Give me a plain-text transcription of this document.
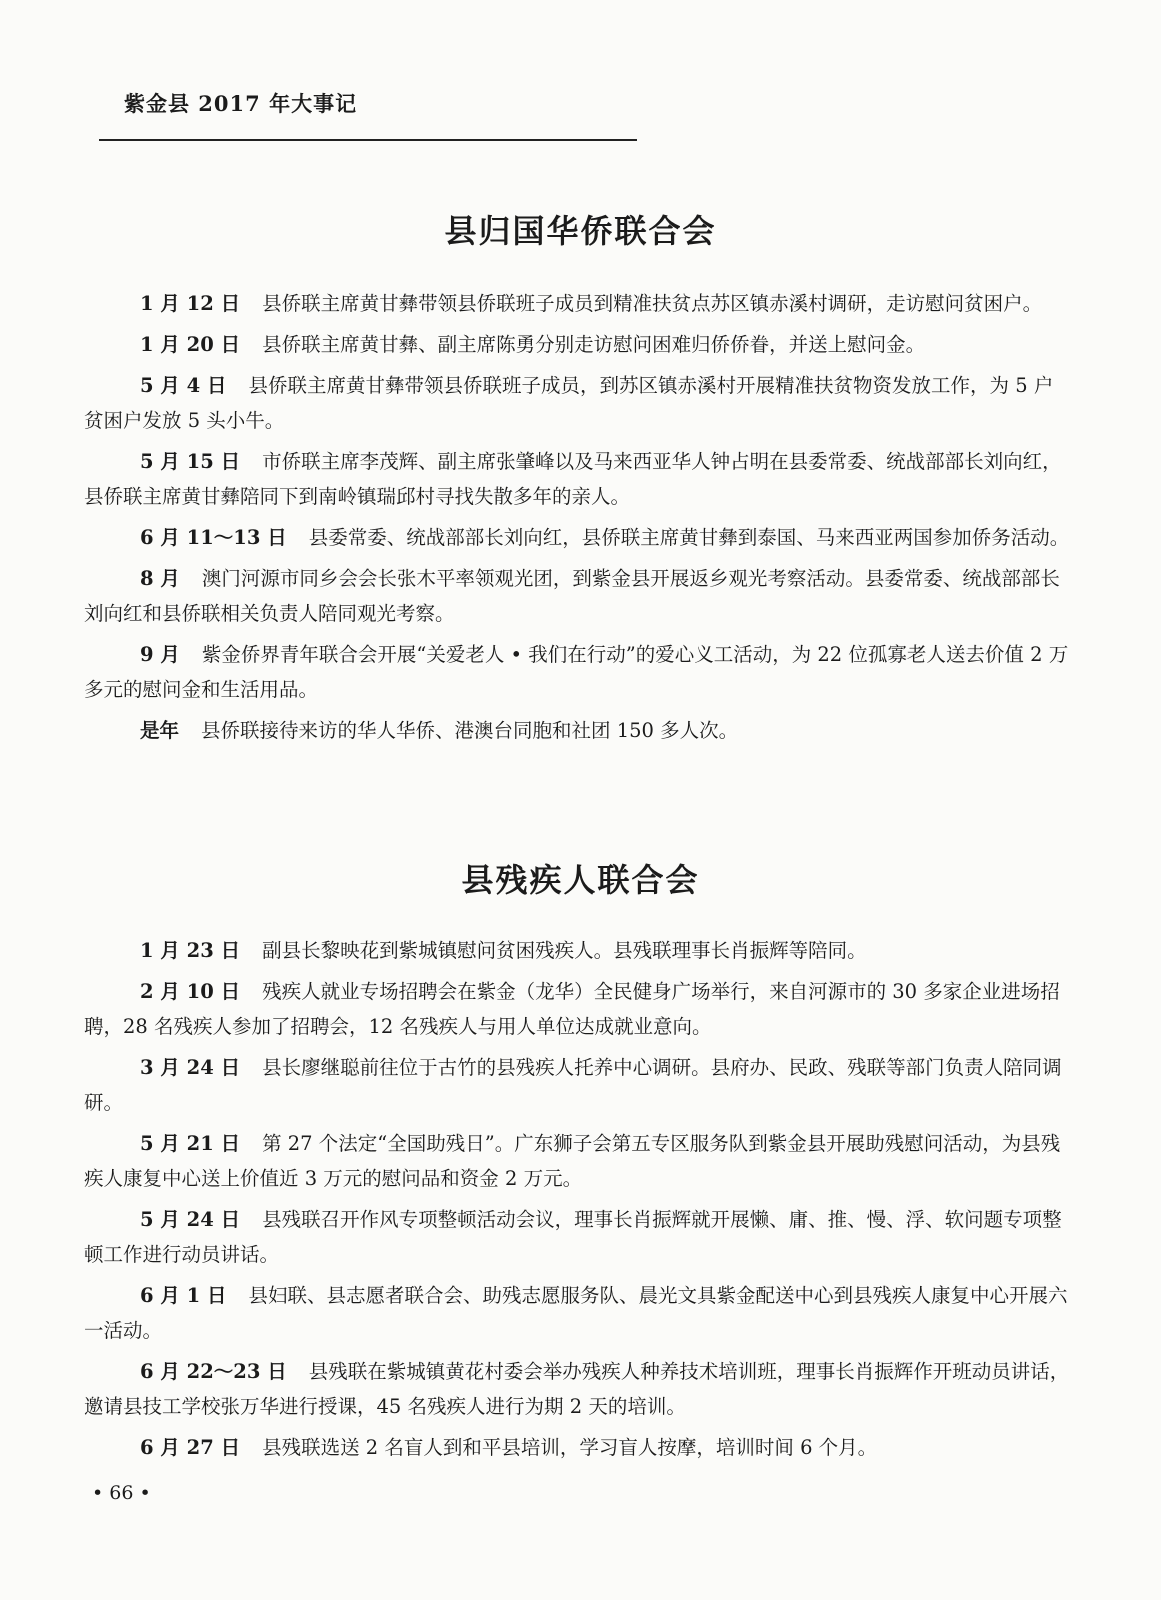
紫金县 2017 年大事记
县归国华侨联合会

1 月 12 日 县侨联主席黄甘彝带领县侨联班子成员到精准扶贫点苏区镇赤溪村调研，走访慰问贫困户。

1 月 20 日 县侨联主席黄甘彝、副主席陈勇分别走访慰问困难归侨侨眷，并送上慰问金。

5 月 4 日 县侨联主席黄甘彝带领县侨联班子成员，到苏区镇赤溪村开展精准扶贫物资发放工作，为 5 户贫困户发放 5 头小牛。

5 月 15 日 市侨联主席李茂辉、副主席张肇峰以及马来西亚华人钟占明在县委常委、统战部部长刘向红，县侨联主席黄甘彝陪同下到南岭镇瑞邱村寻找失散多年的亲人。

6 月 11～13 日 县委常委、统战部部长刘向红，县侨联主席黄甘彝到泰国、马来西亚两国参加侨务活动。

8 月 澳门河源市同乡会会长张木平率领观光团，到紫金县开展返乡观光考察活动。县委常委、统战部部长刘向红和县侨联相关负责人陪同观光考察。

9 月 紫金侨界青年联合会开展“关爱老人 • 我们在行动”的爱心义工活动，为 22 位孤寡老人送去价值 2 万多元的慰问金和生活用品。

是年 县侨联接待来访的华人华侨、港澳台同胞和社团 150 多人次。

县残疾人联合会

1 月 23 日 副县长黎映花到紫城镇慰问贫困残疾人。县残联理事长肖振辉等陪同。

2 月 10 日 残疾人就业专场招聘会在紫金（龙华）全民健身广场举行，来自河源市的 30 多家企业进场招聘，28 名残疾人参加了招聘会，12 名残疾人与用人单位达成就业意向。

3 月 24 日 县长廖继聪前往位于古竹的县残疾人托养中心调研。县府办、民政、残联等部门负责人陪同调研。

5 月 21 日 第 27 个法定“全国助残日”。广东狮子会第五专区服务队到紫金县开展助残慰问活动，为县残疾人康复中心送上价值近 3 万元的慰问品和资金 2 万元。

5 月 24 日 县残联召开作风专项整顿活动会议，理事长肖振辉就开展懒、庸、推、慢、浮、软问题专项整顿工作进行动员讲话。

6 月 1 日 县妇联、县志愿者联合会、助残志愿服务队、晨光文具紫金配送中心到县残疾人康复中心开展六一活动。

6 月 22～23 日 县残联在紫城镇黄花村委会举办残疾人种养技术培训班，理事长肖振辉作开班动员讲话，邀请县技工学校张万华进行授课，45 名残疾人进行为期 2 天的培训。

6 月 27 日 县残联选送 2 名盲人到和平县培训，学习盲人按摩，培训时间 6 个月。

• 66 •
